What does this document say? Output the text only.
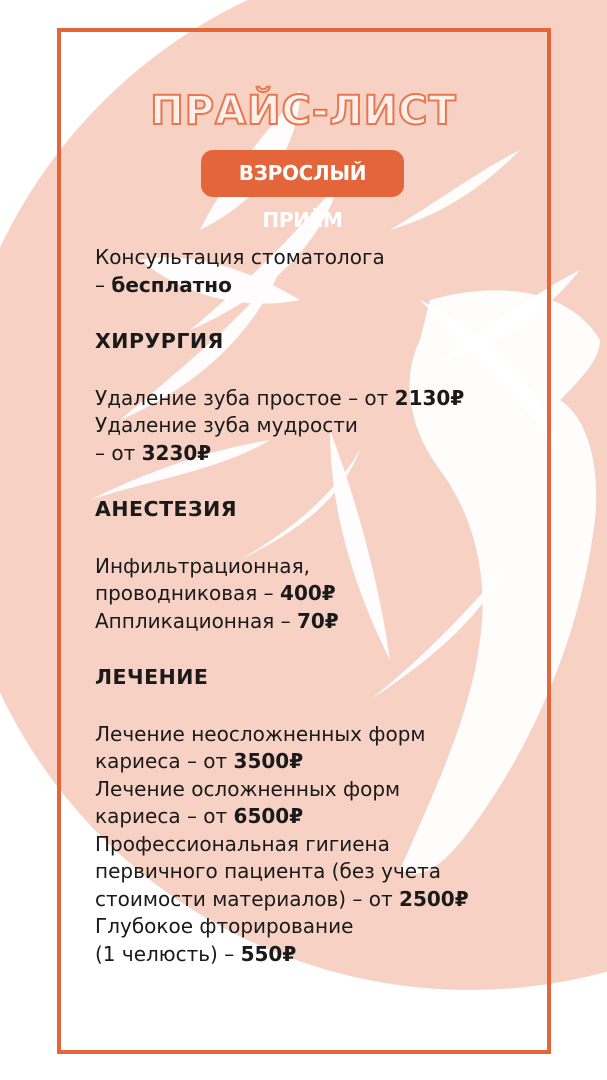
ПРАЙС-ЛИСТ
ВЗРОСЛЫЙ ПРИЁМ
Консультация стоматолога
– бесплатно
ХИРУРГИЯ
Удаление зуба простое – от 2130₽
Удаление зуба мудрости
– от 3230₽
АНЕСТЕЗИЯ
Инфильтрационная,
проводниковая – 400₽
Аппликационная – 70₽
ЛЕЧЕНИЕ
Лечение неосложненных форм
кариеса – от 3500₽
Лечение осложненных форм
кариеса – от 6500₽
Профессиональная гигиена
первичного пациента (без учета
стоимости материалов) – от 2500₽
Глубокое фторирование
(1 челюсть) – 550₽
